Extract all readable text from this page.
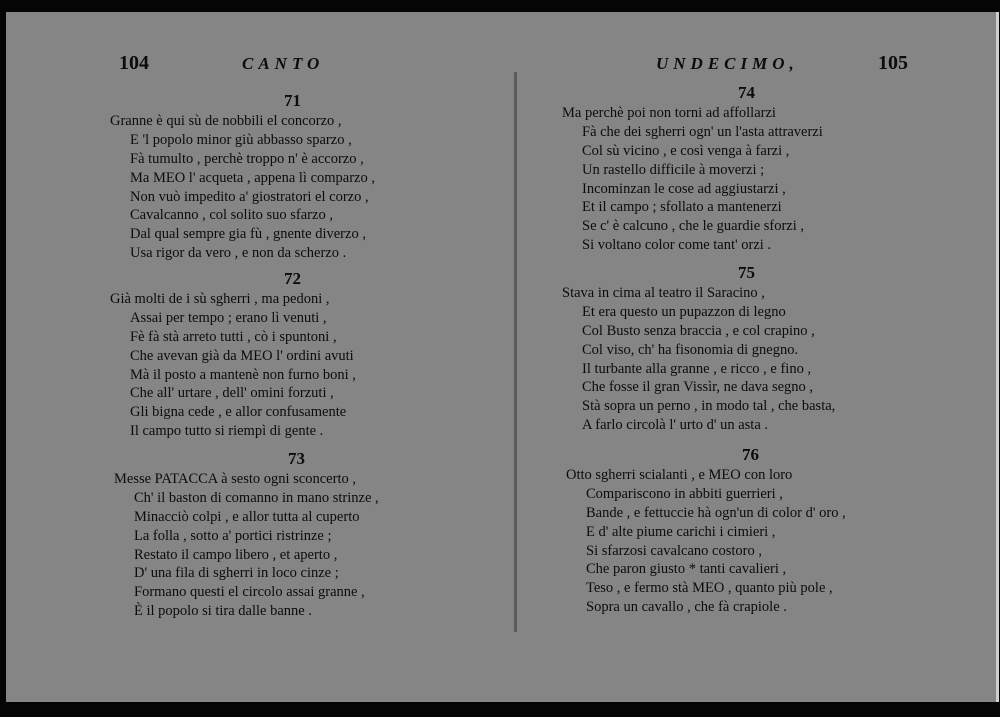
104	CANTO
71
Granne è qui sù de nobbili el concorzo ,
E 'l popolo minor giù abbasso sparzo ,
Fà tumulto , perchè troppo n' è accorzo ,
Ma MEO l' acqueta , appena lì comparzo ,
Non vuò impedito a' giostratori el corzo ,
Cavalcanno , col solito suo sfarzo ,
Dal qual sempre gia fù , gnente diverzo ,
Usa rigor da vero , e non da scherzo .
72
Già molti de i sù sgherri , ma pedoni ,
Assai per tempo ; erano lì venuti ,
Fè fà stà arreto tutti , cò i spuntoni ,
Che avevan già da MEO l' ordini avuti
Mà il posto a mantenè non furno boni ,
Che all' urtare , dell' omini forzuti ,
Gli bigna cede , e allor confusamente
Il campo tutto si riempì di gente .
73
Messe PATACCA à sesto ogni sconcerto ,
Ch' il baston di comanno in mano strinze ,
Minacciò colpi , e allor tutta al cuperto
La folla , sotto a' portici ristrinze ;
Restato il campo libero , et aperto ,
D' una fila di sgherri in loco cinze ;
Formano questi el circolo assai granne ,
È il popolo si tira dalle banne .
UNDECIMO,	105
74
Ma perchè poi non torni ad affollarzi
Fà che dei sgherri ogn' un l'asta attraverzi
Col sù vicino , e così venga à farzi ,
Un rastello difficile à moverzi ;
Incominzan le cose ad aggiustarzi ,
Et il campo ; sfollato a mantenerzi
Se c' è calcuno , che le guardie sforzi ,
Si voltano color come tant' orzi .
75
Stava in cima al teatro il Saracino ,
Et era questo un pupazzon di legno
Col Busto senza braccia , e col crapino ,
Col viso, ch' ha fisonomia di gnegno.
Il turbante alla granne , e ricco , e fino ,
Che fosse il gran Vissìr, ne dava segno ,
Stà sopra un perno , in modo tal , che basta,
A farlo circolà l' urto d' un asta .
76
Otto sgherri scialanti , e MEO con loro
Compariscono in abbiti guerrieri ,
Bande , e fettuccie hà ogn'un di color d' oro ,
E d' alte piume carichi i cimieri ,
Si sfarzosi cavalcano costoro ,
Che paron giusto * tanti cavalieri ,
Teso , e fermo stà MEO , quanto più pole ,
Sopra un cavallo , che fà crapiole .
